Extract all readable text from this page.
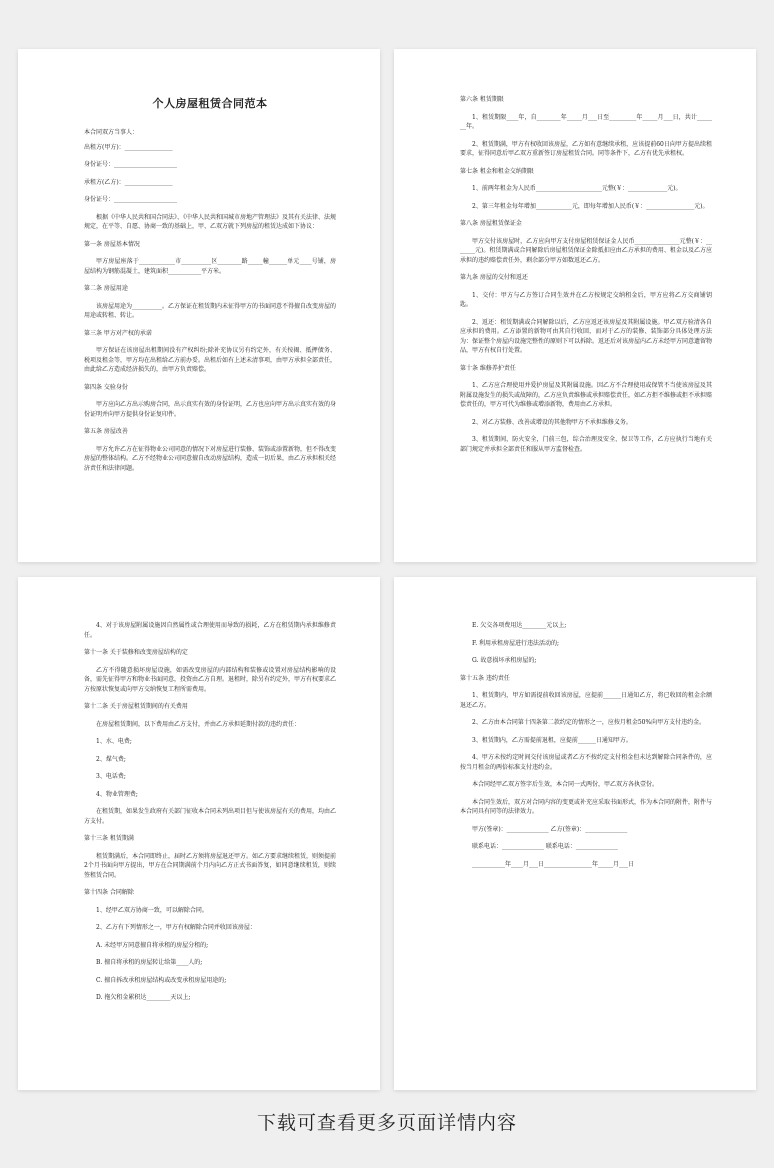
个人房屋租赁合同范本
本合同双方当事人：
出租方(甲方)：________________
身份证号：_____________________
承租方(乙方)：________________
身份证号：_____________________
根据《中华人民共和国合同法》、《中华人民共和国城市房地产管理法》及其有关法律、法规规定，在平等、自愿、协商一致的基础上，甲、乙双方就下列房屋的租赁达成如下协议：
第一条 房屋基本情况
甲方房屋座落于____________市__________区________路_____幢______单元____号铺，房屋结构为钢筋混凝土，建筑面积___________平方米。
第二条 房屋用途
该房屋用途为__________。乙方保证在租赁期内未征得甲方的书面同意不得擅自改变房屋的用途或转租、转让。
第三条 甲方对产权的承诺
甲方保证在该房屋出租期间没有产权纠纷;除补充协议另有约定外，有关按揭、抵押债务、税项及租金等，甲方均在出租给乙方前办妥。出租后如有上述未清事项，由甲方承担全部责任，由此给乙方造成经济损失的，由甲方负责赔偿。
第四条 交验身份
甲方应向乙方出示购房合同，出示真实有效的身份证明，乙方也应向甲方出示真实有效的身份证明并向甲方提供身份证复印件。
第五条 房屋改善
甲方允许乙方在征得物业公司同意的情况下对房屋进行装修、装饰或添置新物，但不得改变房屋的整体结构。乙方不经物业公司同意擅自改动房屋结构，造成一切后果，由乙方承担相关经济责任和法律问题。
第六条 租赁期限
1、租赁期限____年，自________年_____月___日至_________年_____月___日，共计_______年。
2、租赁期满，甲方有权收回该房屋，乙方如有意继续承租，应该提前60日向甲方提出续租要求，征得同意后甲乙双方重新签订房屋租赁合同。同等条件下，乙方有优先承租权。
第七条 租金和租金交纳期限
1、前两年租金为人民币______________________元整(￥：_____________元)。
2、第三年租金每年增加____________元，即每年增加人民币(￥：________________元)。
第八条 房屋租赁保证金
甲方交付该房屋时，乙方应向甲方支付房屋租赁保证金人民币_______________元整(￥：_______元)。租赁期满或合同解除后房屋租赁保证金除抵扣应由乙方承担的费用、租金以及乙方应承担的违约赔偿责任外，剩余部分甲方如数返还乙方。
第九条 房屋的交付和返还
1、交付：甲方与乙方签订合同生效并在乙方按规定交纳租金后，甲方应将乙方交商铺钥匙。
2、返还：租赁期满或合同解除以后，乙方应返还该房屋及其附属设施。甲乙双方验清各自应承担的费用。乙方添置的新物可由其自行收回，而对于乙方的装修、装饰部分具体处理方法为：保证整个房屋内设施完整性的原则下可以拆除。返还后对该房屋内乙方未经甲方同意遗留物品，甲方有权自行处置。
第十条 维修养护责任
1、乙方应合理使用并爱护房屋及其附属设施。因乙方不合理使用或保管不当使该房屋及其附属设施发生的损失或故障的，乙方应负责维修或承担赔偿责任，如乙方拒不维修或拒不承担赔偿责任的，甲方可代为维修或增添新物，费用由乙方承担。
2、对乙方装修、改善或增设的其他物甲方不承担维修义务。
3、租赁期间，防火安全，门前三包，综合治理及安全、保卫等工作，乙方应执行当地有关部门规定并承担全部责任和服从甲方监督检查。
4、对于该房屋附属设施因自然属性或合理使用而导致的损耗，乙方在租赁期内承担维修责任。
第十一条 关于装修和改变房屋结构的定
乙方不得随意损坏房屋设施，如需改变房屋的内部结构和装修或设置对房屋结构影响的设备，需先征得甲方和物业书面同意，投资由乙方自理。退租时，除另有约定外，甲方有权要求乙方按原状恢复或向甲方交纳恢复工程所需费用。
第十二条 关于房屋租赁期间的有关费用
在房屋租赁期间，以下费用由乙方支付，并由乙方承担延期付款的违约责任：
1、水、电费;
2、煤气费;
3、电话费;
4、物业管理费;
在租赁期，如果发生政府有关部门征收本合同未列出项目但与使该房屋有关的费用，均由乙方支付。
第十三条 租赁期满
租赁期满后，本合同即终止，届时乙方须将房屋退还甲方。如乙方要求继续租赁，则须提前2个月书面向甲方提出，甲方在合同期满前个月内向乙方正式书面答复，如同意继续租赁，则续签租赁合同。
第十四条 合同解除
1、经甲乙双方协商一致，可以解除合同。
2、乙方有下列情形之一，甲方有权解除合同并收回该房屋：
A. 未经甲方同意擅自将承租的房屋分租的;
B. 擅自将承租的房屋转让给第____人的;
C. 擅自拆改承租房屋结构或改变承租房屋用途的;
D. 拖欠租金累积达________天以上;
E. 欠交各项费用达________元以上;
F. 利用承租房屋进行违法活动的;
G. 故意损坏承租房屋的;
第十五条 违约责任
1、租赁期内，甲方如需提前收回该房屋，应提前______日通知乙方，将已收回的租金余额退还乙方。
2、乙方由本合同第十四条第二款约定的情形之一，应按月租金50%向甲方支付违约金。
3、租赁期内，乙方需提前退租，应提前______日通知甲方。
4、甲方未按约定时间交付该房屋或者乙方不按约定支付租金但未达到解除合同条件的，应按当月租金的两倍标准支付违约金。
本合同经甲乙双方签字后生效，本合同一式两份，甲乙双方各执壹份。
本合同生效后，双方对合同内容的变更或补充应采取书面形式，作为本合同的附件，附件与本合同具有同等的法律效力。
甲方(签章)：______________ 乙方(签章)：______________
联系电话：______________ 联系电话：______________
___________年____月___日________________年_____月___日
下载可查看更多页面详情内容
